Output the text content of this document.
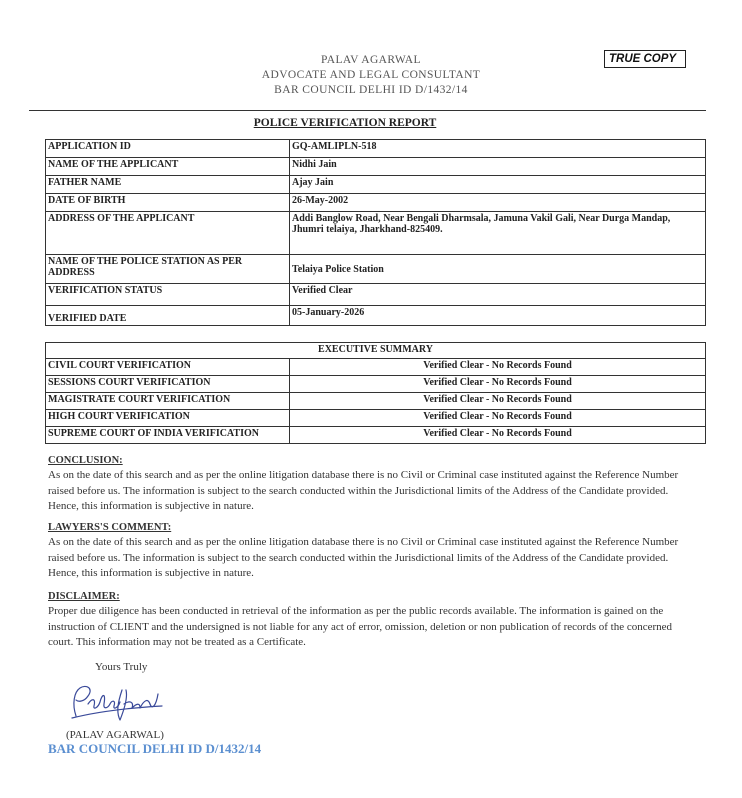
PALAV AGARWAL
ADVOCATE AND LEGAL CONSULTANT
BAR COUNCIL DELHI ID D/1432/14
TRUE COPY
POLICE VERIFICATION REPORT
APPLICATION ID	GQ-AMLIPLN-518
NAME OF THE APPLICANT	Nidhi Jain
FATHER NAME	Ajay Jain
DATE OF BIRTH	26-May-2002
ADDRESS OF THE APPLICANT	Addi Banglow Road, Near Bengali Dharmsala, Jamuna Vakil Gali, Near Durga Mandap, Jhumri telaiya, Jharkhand-825409.
NAME OF THE POLICE STATION AS PER ADDRESS	Telaiya Police Station
VERIFICATION STATUS	Verified Clear
VERIFIED DATE	05-January-2026
EXECUTIVE SUMMARY	
CIVIL COURT VERIFICATION	Verified Clear - No Records Found
SESSIONS COURT VERIFICATION	Verified Clear - No Records Found
MAGISTRATE COURT VERIFICATION	Verified Clear - No Records Found
HIGH COURT VERIFICATION	Verified Clear - No Records Found
SUPREME COURT OF INDIA VERIFICATION	Verified Clear - No Records Found
CONCLUSION:
As on the date of this search and as per the online litigation database there is no Civil or Criminal case instituted against the Reference Number raised before us. The information is subject to the search conducted within the Jurisdictional limits of the Address of the Candidate provided. Hence, this information is subjective in nature.
LAWYERS'S COMMENT:
As on the date of this search and as per the online litigation database there is no Civil or Criminal case instituted against the Reference Number raised before us. The information is subject to the search conducted within the Jurisdictional limits of the Address of the Candidate provided. Hence, this information is subjective in nature.
DISCLAIMER:
Proper due diligence has been conducted in retrieval of the information as per the public records available. The information is gained on the instruction of CLIENT and the undersigned is not liable for any act of error, omission, deletion or non publication of records of the concerned court. This information may not be treated as a Certificate.
Yours Truly
(PALAV AGARWAL)
BAR COUNCIL DELHI ID D/1432/14
